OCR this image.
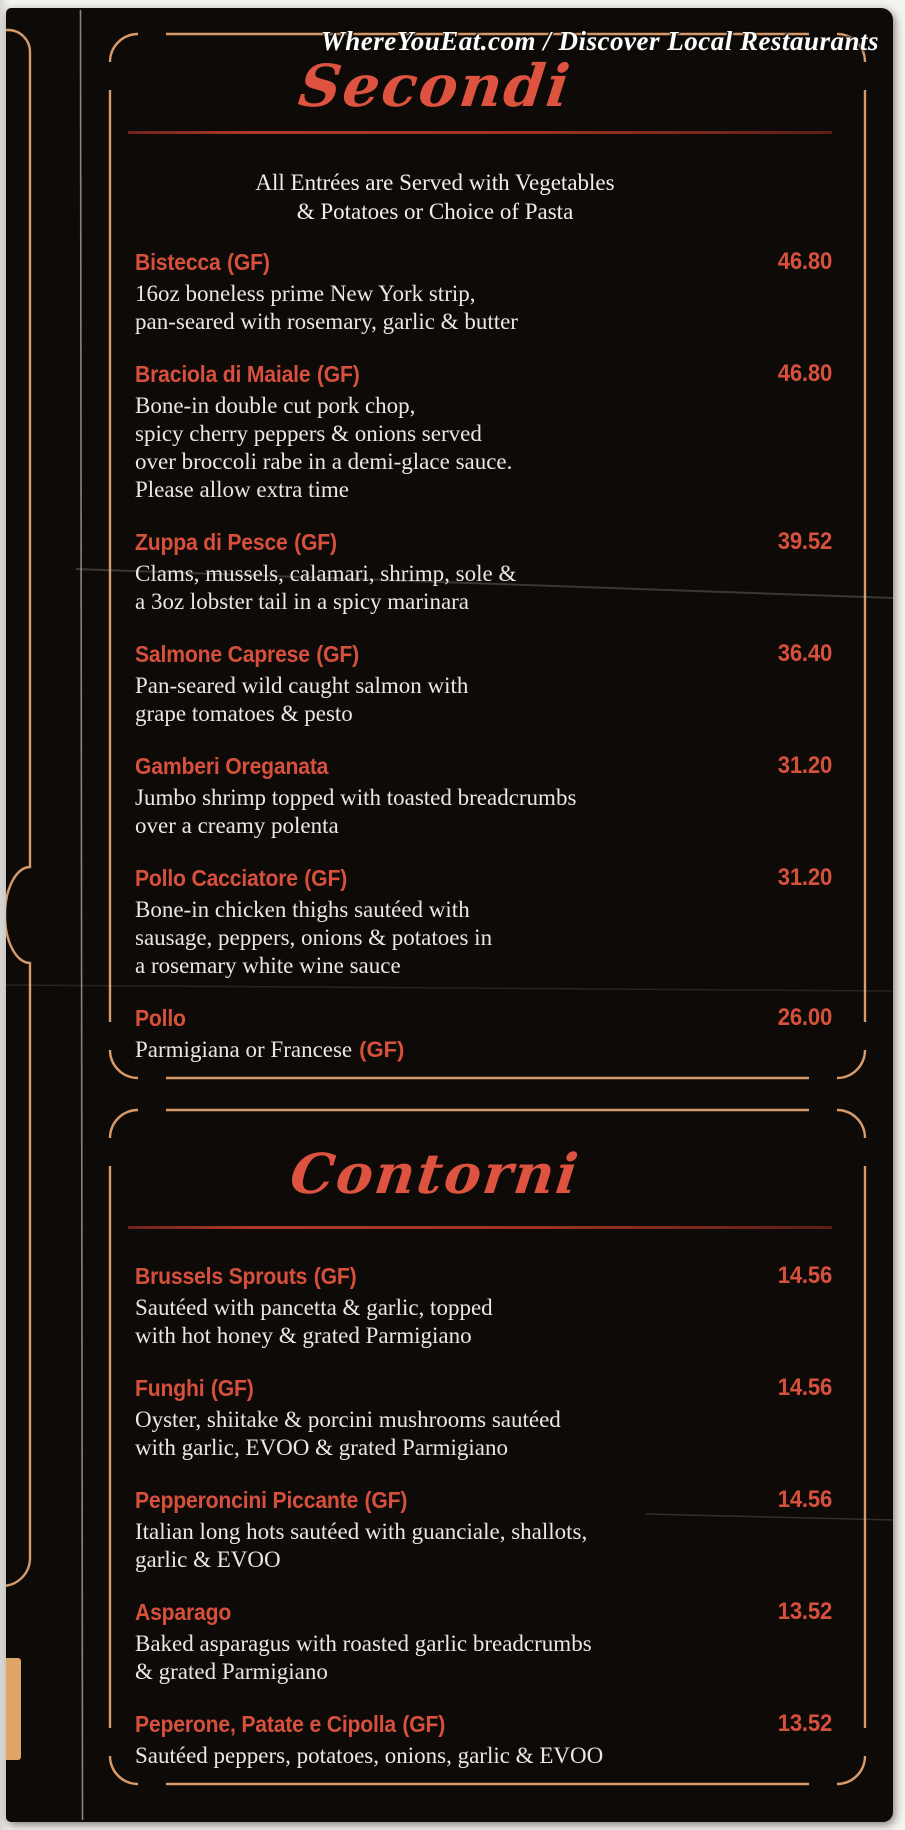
WhereYouEat.com / Discover Local Restaurants
Secondi
All Entrées are Served with Vegetables
& Potatoes or Choice of Pasta
Bistecca (GF)	46.80
16oz boneless prime New York strip,
pan-seared with rosemary, garlic & butter
Braciola di Maiale (GF)	46.80
Bone-in double cut pork chop,
spicy cherry peppers & onions served
over broccoli rabe in a demi-glace sauce.
Please allow extra time
Zuppa di Pesce (GF)	39.52
Clams, mussels, calamari, shrimp, sole &
a 3oz lobster tail in a spicy marinara
Salmone Caprese (GF)	36.40
Pan-seared wild caught salmon with
grape tomatoes & pesto
Gamberi Oreganata	31.20
Jumbo shrimp topped with toasted breadcrumbs
over a creamy polenta
Pollo Cacciatore (GF)	31.20
Bone-in chicken thighs sautéed with
sausage, peppers, onions & potatoes in
a rosemary white wine sauce
Pollo	26.00
Parmigiana or Francese (GF)
Contorni
Brussels Sprouts (GF)	14.56
Sautéed with pancetta & garlic, topped
with hot honey & grated Parmigiano
Funghi (GF)	14.56
Oyster, shiitake & porcini mushrooms sautéed
with garlic, EVOO & grated Parmigiano
Pepperoncini Piccante (GF)	14.56
Italian long hots sautéed with guanciale, shallots,
garlic & EVOO
Asparago	13.52
Baked asparagus with roasted garlic breadcrumbs
& grated Parmigiano
Peperone, Patate e Cipolla (GF)	13.52
Sautéed peppers, potatoes, onions, garlic & EVOO
